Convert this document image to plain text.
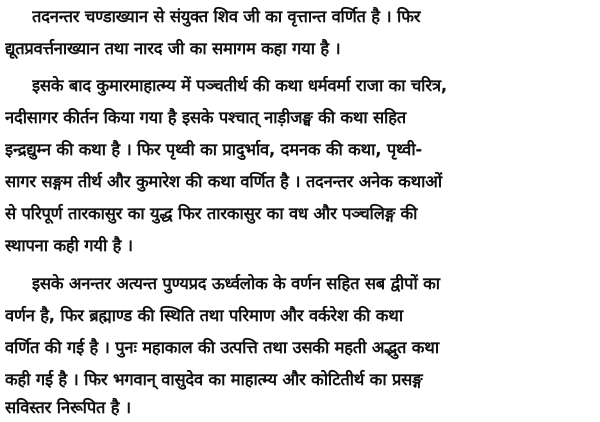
तदनन्तर चण्डाख्यान से संयुक्त शिव जी का वृत्तान्त वर्णित है । फिर
द्यूतप्रवर्त्तनाख्यान तथा नारद जी का समागम कहा गया है ।
इसके बाद कुमारमाहात्म्य में पञ्चतीर्थ की कथा धर्मवर्मा राजा का चरित्र,
नदीसागर कीर्तन किया गया है इसके पश्चात् नाड़ीजङ्घ की कथा सहित
इन्द्रद्युम्न की कथा है । फिर पृथ्वी का प्रादुर्भाव, दमनक की कथा, पृथ्वी-
सागर सङ्गम तीर्थ और कुमारेश की कथा वर्णित है । तदनन्तर अनेक कथाओं
से परिपूर्ण तारकासुर का युद्ध फिर तारकासुर का वध और पञ्चलिङ्ग की
स्थापना कही गयी है ।
इसके अनन्तर अत्यन्त पुण्यप्रद ऊर्ध्वलोक के वर्णन सहित सब द्वीपों का
वर्णन है, फिर ब्रह्माण्ड की स्थिति तथा परिमाण और वर्करेश की कथा
वर्णित की गई है । पुनः महाकाल की उत्पत्ति तथा उसकी महती अद्भुत कथा
कही गई है । फिर भगवान् वासुदेव का माहात्म्य और कोटितीर्थ का प्रसङ्ग
सविस्तर निरूपित है ।
